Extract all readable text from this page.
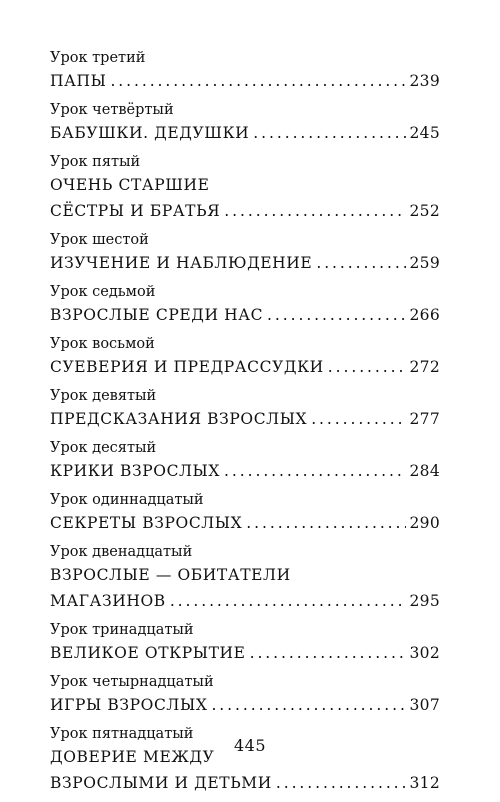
Урок третий
ПАПЫ . . .	239
Урок четвёртый
БАБУШКИ. ДЕДУШКИ . . .	245
Урок пятый
ОЧЕНЬ СТАРШИЕ
СЁСТРЫ И БРАТЬЯ . . .	252
Урок шестой
ИЗУЧЕНИЕ И НАБЛЮДЕНИЕ . . .	259
Урок седьмой
ВЗРОСЛЫЕ СРЕДИ НАС . . .	266
Урок восьмой
СУЕВЕРИЯ И ПРЕДРАССУДКИ . . .	272
Урок девятый
ПРЕДСКАЗАНИЯ ВЗРОСЛЫХ . . .	277
Урок десятый
КРИКИ ВЗРОСЛЫХ . . .	284
Урок одиннадцатый
СЕКРЕТЫ ВЗРОСЛЫХ . . .	290
Урок двенадцатый
ВЗРОСЛЫЕ — ОБИТАТЕЛИ
МАГАЗИНОВ . . .	295
Урок тринадцатый
ВЕЛИКОЕ ОТКРЫТИЕ . . .	302
Урок четырнадцатый
ИГРЫ ВЗРОСЛЫХ . . .	307
Урок пятнадцатый
ДОВЕРИЕ МЕЖДУ
ВЗРОСЛЫМИ И ДЕТЬМИ . . .	312
445
